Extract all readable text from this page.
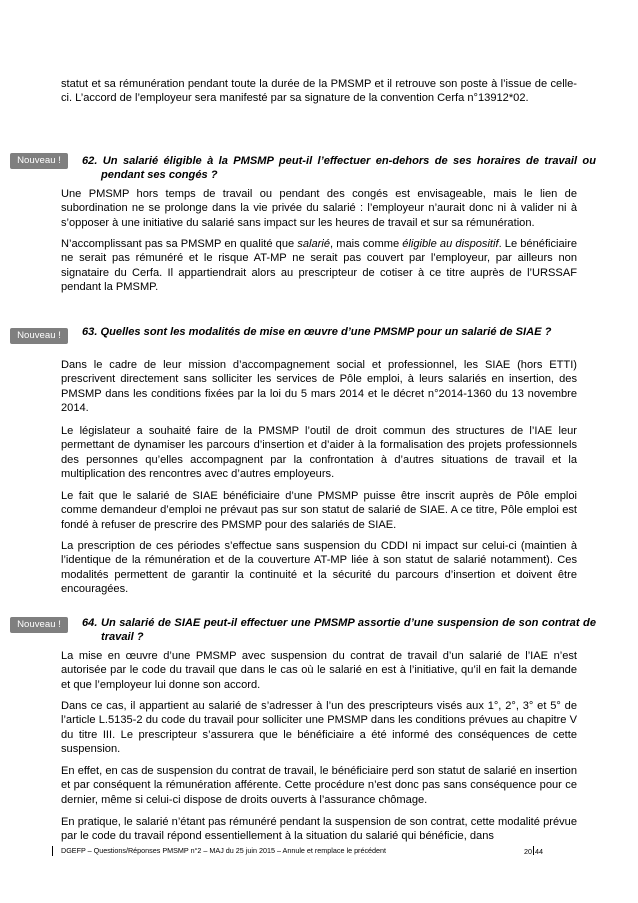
statut et sa rémunération pendant toute la durée de la PMSMP et il retrouve son poste à l’issue de celle-ci. L’accord de l’employeur sera manifesté par sa signature de la convention Cerfa n°13912*02.

Nouveau !	62. Un salarié éligible à la PMSMP peut-il l’effectuer en-dehors de ses horaires de travail ou pendant ses congés ?

Une PMSMP hors temps de travail ou pendant des congés est envisageable, mais le lien de subordination ne se prolonge dans la vie privée du salarié : l’employeur n’aurait donc ni à valider ni à s’opposer à une initiative du salarié sans impact sur les heures de travail et sur sa rémunération.

N’accomplissant pas sa PMSMP en qualité que salarié, mais comme éligible au dispositif. Le bénéficiaire ne serait pas rémunéré et le risque AT-MP ne serait pas couvert par l’employeur, par ailleurs non signataire du Cerfa. Il appartiendrait alors au prescripteur de cotiser à ce titre auprès de l’URSSAF pendant la PMSMP.

Nouveau !	63. Quelles sont les modalités de mise en œuvre d’une PMSMP pour un salarié de SIAE ?

Dans le cadre de leur mission d’accompagnement social et professionnel, les SIAE (hors ETTI) prescrivent directement sans solliciter les services de Pôle emploi, à leurs salariés en insertion, des PMSMP dans les conditions fixées par la loi du 5 mars 2014 et le décret n°2014-1360 du 13 novembre 2014.

Le législateur a souhaité faire de la PMSMP l’outil de droit commun des structures de l’IAE leur permettant de dynamiser les parcours d’insertion et d’aider à la formalisation des projets professionnels des personnes qu’elles accompagnent par la confrontation à d’autres situations de travail et la multiplication des rencontres avec d’autres employeurs.

Le fait que le salarié de SIAE bénéficiaire d’une PMSMP puisse être inscrit auprès de Pôle emploi comme demandeur d’emploi ne prévaut pas sur son statut de salarié de SIAE. A ce titre, Pôle emploi est fondé à refuser de prescrire des PMSMP pour des salariés de SIAE.

La prescription de ces périodes s’effectue sans suspension du CDDI ni impact sur celui-ci (maintien à l’identique de la rémunération et de la couverture AT-MP liée à son statut de salarié notamment). Ces modalités permettent de garantir la continuité et la sécurité du parcours d’insertion et doivent être encouragées.

Nouveau !	64. Un salarié de SIAE peut-il effectuer une PMSMP assortie d’une suspension de son contrat de travail ?

La mise en œuvre d’une PMSMP avec suspension du contrat de travail d’un salarié de l’IAE n’est autorisée par le code du travail que dans le cas où le salarié en est à l’initiative, qu’il en fait la demande et que l’employeur lui donne son accord.

Dans ce cas, il appartient au salarié de s’adresser à l’un des prescripteurs visés aux 1°, 2°, 3° et 5° de l’article L.5135-2 du code du travail pour solliciter une PMSMP dans les conditions prévues au chapitre V du titre III. Le prescripteur s’assurera que le bénéficiaire a été informé des conséquences de cette suspension.

En effet, en cas de suspension du contrat de travail, le bénéficiaire perd son statut de salarié en insertion et par conséquent la rémunération afférente. Cette procédure n’est donc pas sans conséquence pour ce dernier, même si celui-ci dispose de droits ouverts à l’assurance chômage.

En pratique, le salarié n’étant pas rémunéré pendant la suspension de son contrat, cette modalité prévue par le code du travail répond essentiellement à la situation du salarié qui bénéficie, dans

DGEFP – Questions/Réponses PMSMP n°2 – MAJ du 25 juin 2015 – Annule et remplace le précédent	20 44
